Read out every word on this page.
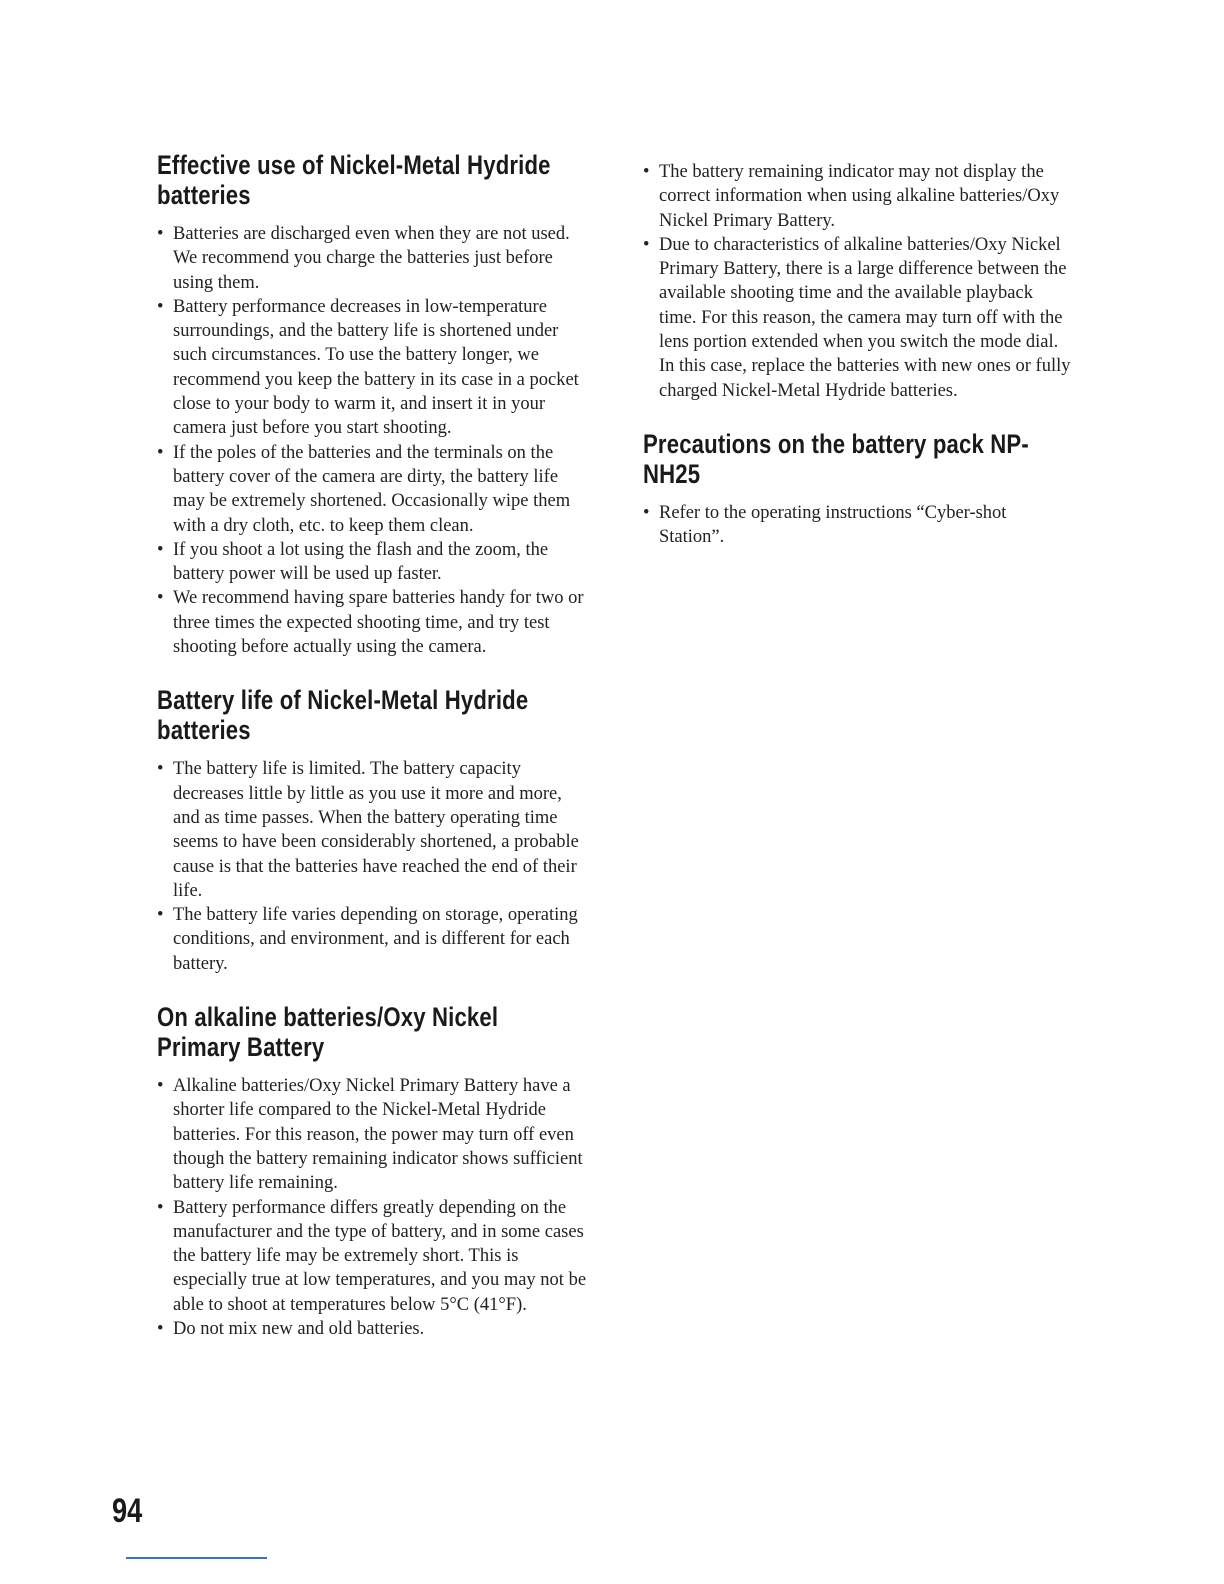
Effective use of Nickel-Metal Hydride batteries
• Batteries are discharged even when they are not used. We recommend you charge the batteries just before using them.
• Battery performance decreases in low-temperature surroundings, and the battery life is shortened under such circumstances. To use the battery longer, we recommend you keep the battery in its case in a pocket close to your body to warm it, and insert it in your camera just before you start shooting.
• If the poles of the batteries and the terminals on the battery cover of the camera are dirty, the battery life may be extremely shortened. Occasionally wipe them with a dry cloth, etc. to keep them clean.
• If you shoot a lot using the flash and the zoom, the battery power will be used up faster.
• We recommend having spare batteries handy for two or three times the expected shooting time, and try test shooting before actually using the camera.
Battery life of Nickel-Metal Hydride batteries
• The battery life is limited. The battery capacity decreases little by little as you use it more and more, and as time passes. When the battery operating time seems to have been considerably shortened, a probable cause is that the batteries have reached the end of their life.
• The battery life varies depending on storage, operating conditions, and environment, and is different for each battery.
On alkaline batteries/Oxy Nickel Primary Battery
• Alkaline batteries/Oxy Nickel Primary Battery have a shorter life compared to the Nickel-Metal Hydride batteries. For this reason, the power may turn off even though the battery remaining indicator shows sufficient battery life remaining.
• Battery performance differs greatly depending on the manufacturer and the type of battery, and in some cases the battery life may be extremely short. This is especially true at low temperatures, and you may not be able to shoot at temperatures below 5°C (41°F).
• Do not mix new and old batteries.
• The battery remaining indicator may not display the correct information when using alkaline batteries/Oxy Nickel Primary Battery.
• Due to characteristics of alkaline batteries/Oxy Nickel Primary Battery, there is a large difference between the available shooting time and the available playback time. For this reason, the camera may turn off with the lens portion extended when you switch the mode dial. In this case, replace the batteries with new ones or fully charged Nickel-Metal Hydride batteries.
Precautions on the battery pack NP-NH25
• Refer to the operating instructions “Cyber-shot Station”.
94
